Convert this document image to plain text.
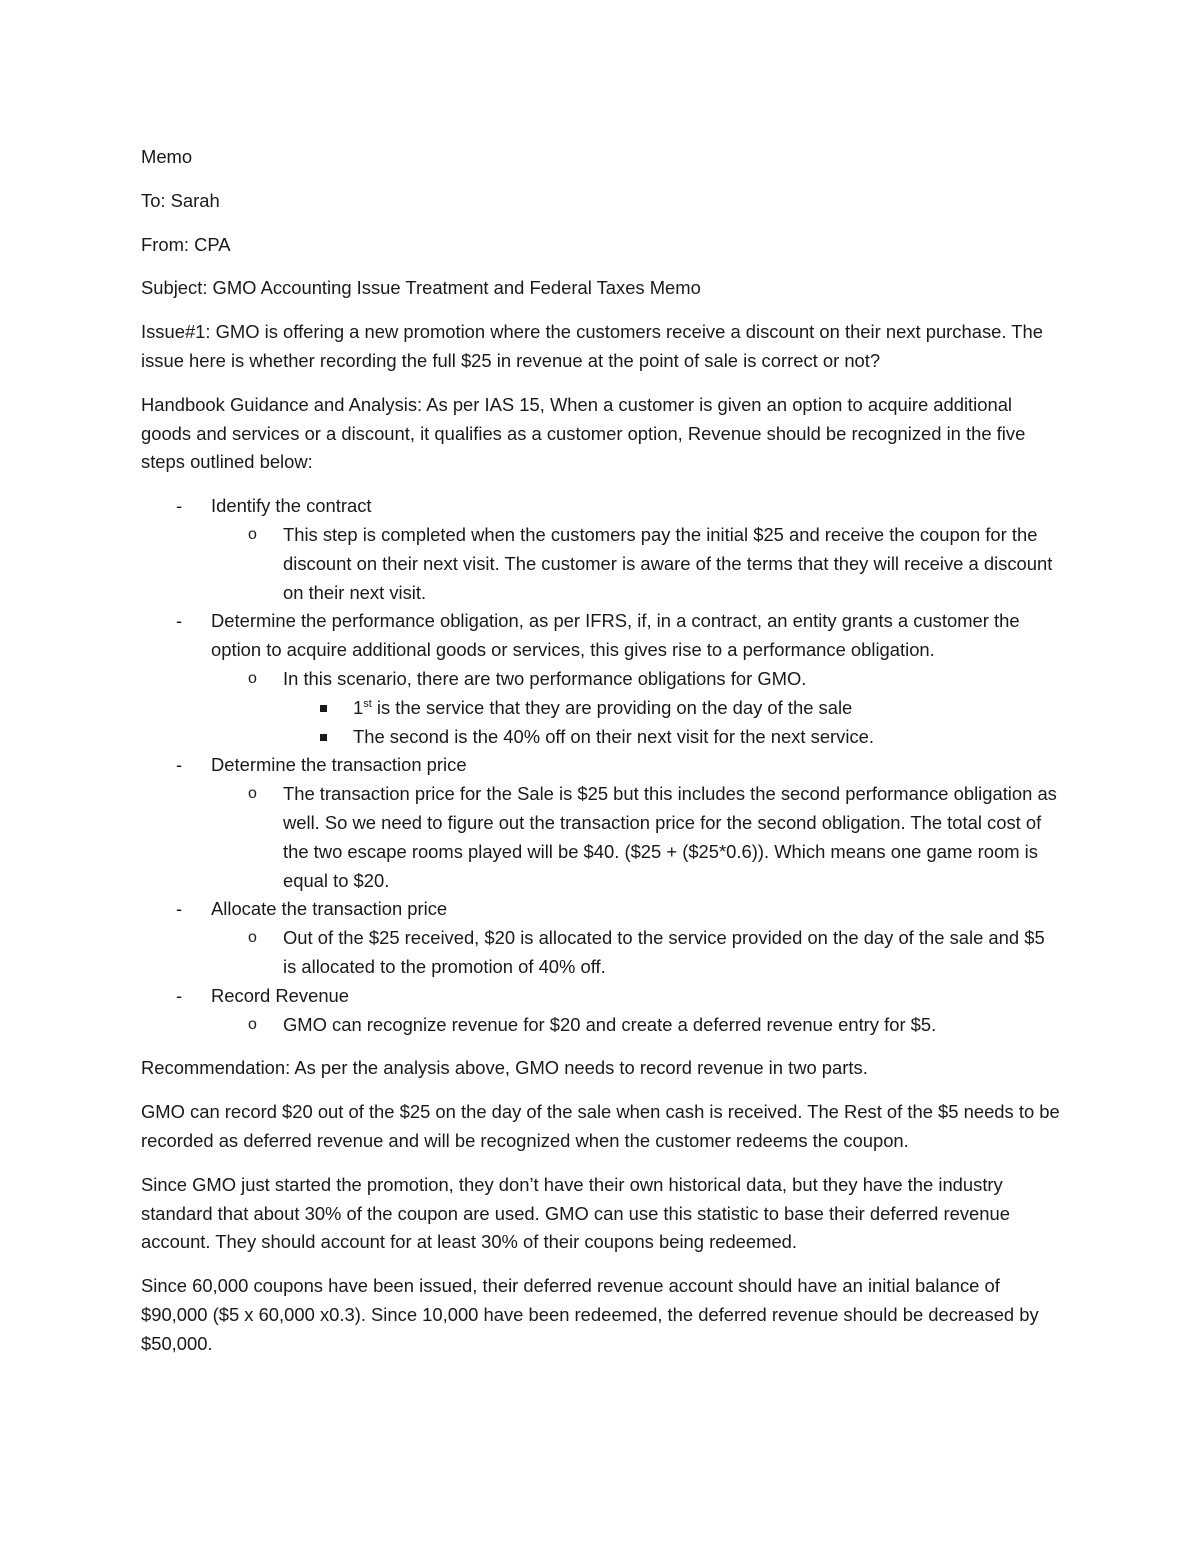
Memo

To: Sarah

From: CPA

Subject: GMO Accounting Issue Treatment and Federal Taxes Memo

Issue#1: GMO is offering a new promotion where the customers receive a discount on their next purchase. The issue here is whether recording the full $25 in revenue at the point of sale is correct or not?

Handbook Guidance and Analysis: As per IAS 15, When a customer is given an option to acquire additional goods and services or a discount, it qualifies as a customer option, Revenue should be recognized in the five steps outlined below:

- Identify the contract
o This step is completed when the customers pay the initial $25 and receive the coupon for the discount on their next visit. The customer is aware of the terms that they will receive a discount on their next visit.
- Determine the performance obligation, as per IFRS, if, in a contract, an entity grants a customer the option to acquire additional goods or services, this gives rise to a performance obligation.
o In this scenario, there are two performance obligations for GMO.
1st is the service that they are providing on the day of the sale
The second is the 40% off on their next visit for the next service.
- Determine the transaction price
o The transaction price for the Sale is $25 but this includes the second performance obligation as well. So we need to figure out the transaction price for the second obligation. The total cost of the two escape rooms played will be $40. ($25 + ($25*0.6)). Which means one game room is equal to $20.
- Allocate the transaction price
o Out of the $25 received, $20 is allocated to the service provided on the day of the sale and $5 is allocated to the promotion of 40% off.
- Record Revenue
o GMO can recognize revenue for $20 and create a deferred revenue entry for $5.

Recommendation: As per the analysis above, GMO needs to record revenue in two parts.

GMO can record $20 out of the $25 on the day of the sale when cash is received. The Rest of the $5 needs to be recorded as deferred revenue and will be recognized when the customer redeems the coupon.

Since GMO just started the promotion, they don’t have their own historical data, but they have the industry standard that about 30% of the coupon are used. GMO can use this statistic to base their deferred revenue account. They should account for at least 30% of their coupons being redeemed.

Since 60,000 coupons have been issued, their deferred revenue account should have an initial balance of $90,000 ($5 x 60,000 x0.3). Since 10,000 have been redeemed, the deferred revenue should be decreased by $50,000.
